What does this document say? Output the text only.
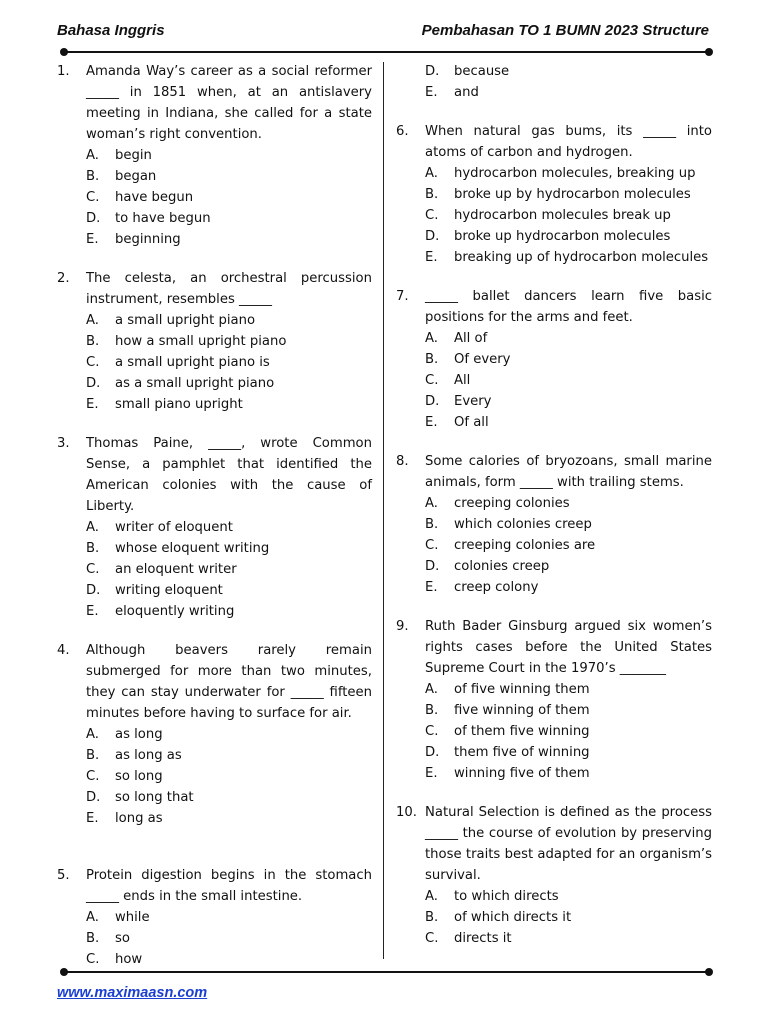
Bahasa Inggris	Pembahasan TO 1 BUMN 2023 Structure
1.	Amanda Way’s career as a social reformer _____ in 1851 when, at an antislavery meeting in Indiana, she called for a state woman’s right convention.
A.	begin
B.	began
C.	have begun
D.	to have begun
E.	beginning
2.	The celesta, an orchestral percussion instrument, resembles _____
A.	a small upright piano
B.	how a small upright piano
C.	a small upright piano is
D.	as a small upright piano
E.	small piano upright
3.	Thomas Paine, _____, wrote Common Sense, a pamphlet that identified the American colonies with the cause of Liberty.
A.	writer of eloquent
B.	whose eloquent writing
C.	an eloquent writer
D.	writing eloquent
E.	eloquently writing
4.	Although beavers rarely remain submerged for more than two minutes, they can stay underwater for _____ fifteen minutes before having to surface for air.
A.	as long
B.	as long as
C.	so long
D.	so long that
E.	long as
5.	Protein digestion begins in the stomach _____ ends in the small intestine.
A.	while
B.	so
C.	how
D.	because
E.	and
6.	When natural gas bums, its _____ into atoms of carbon and hydrogen.
A.	hydrocarbon molecules, breaking up
B.	broke up by hydrocarbon molecules
C.	hydrocarbon molecules break up
D.	broke up hydrocarbon molecules
E.	breaking up of hydrocarbon molecules
7.	_____ ballet dancers learn five basic positions for the arms and feet.
A.	All of
B.	Of every
C.	All
D.	Every
E.	Of all
8.	Some calories of bryozoans, small marine animals, form _____ with trailing stems.
A.	creeping colonies
B.	which colonies creep
C.	creeping colonies are
D.	colonies creep
E.	creep colony
9.	Ruth Bader Ginsburg argued six women’s rights cases before the United States Supreme Court in the 1970’s _______
A.	of five winning them
B.	five winning of them
C.	of them five winning
D.	them five of winning
E.	winning five of them
10. Natural Selection is defined as the process _____ the course of evolution by preserving those traits best adapted for an organism’s survival.
A.	to which directs
B.	of which directs it
C.	directs it
www.maximaasn.com
